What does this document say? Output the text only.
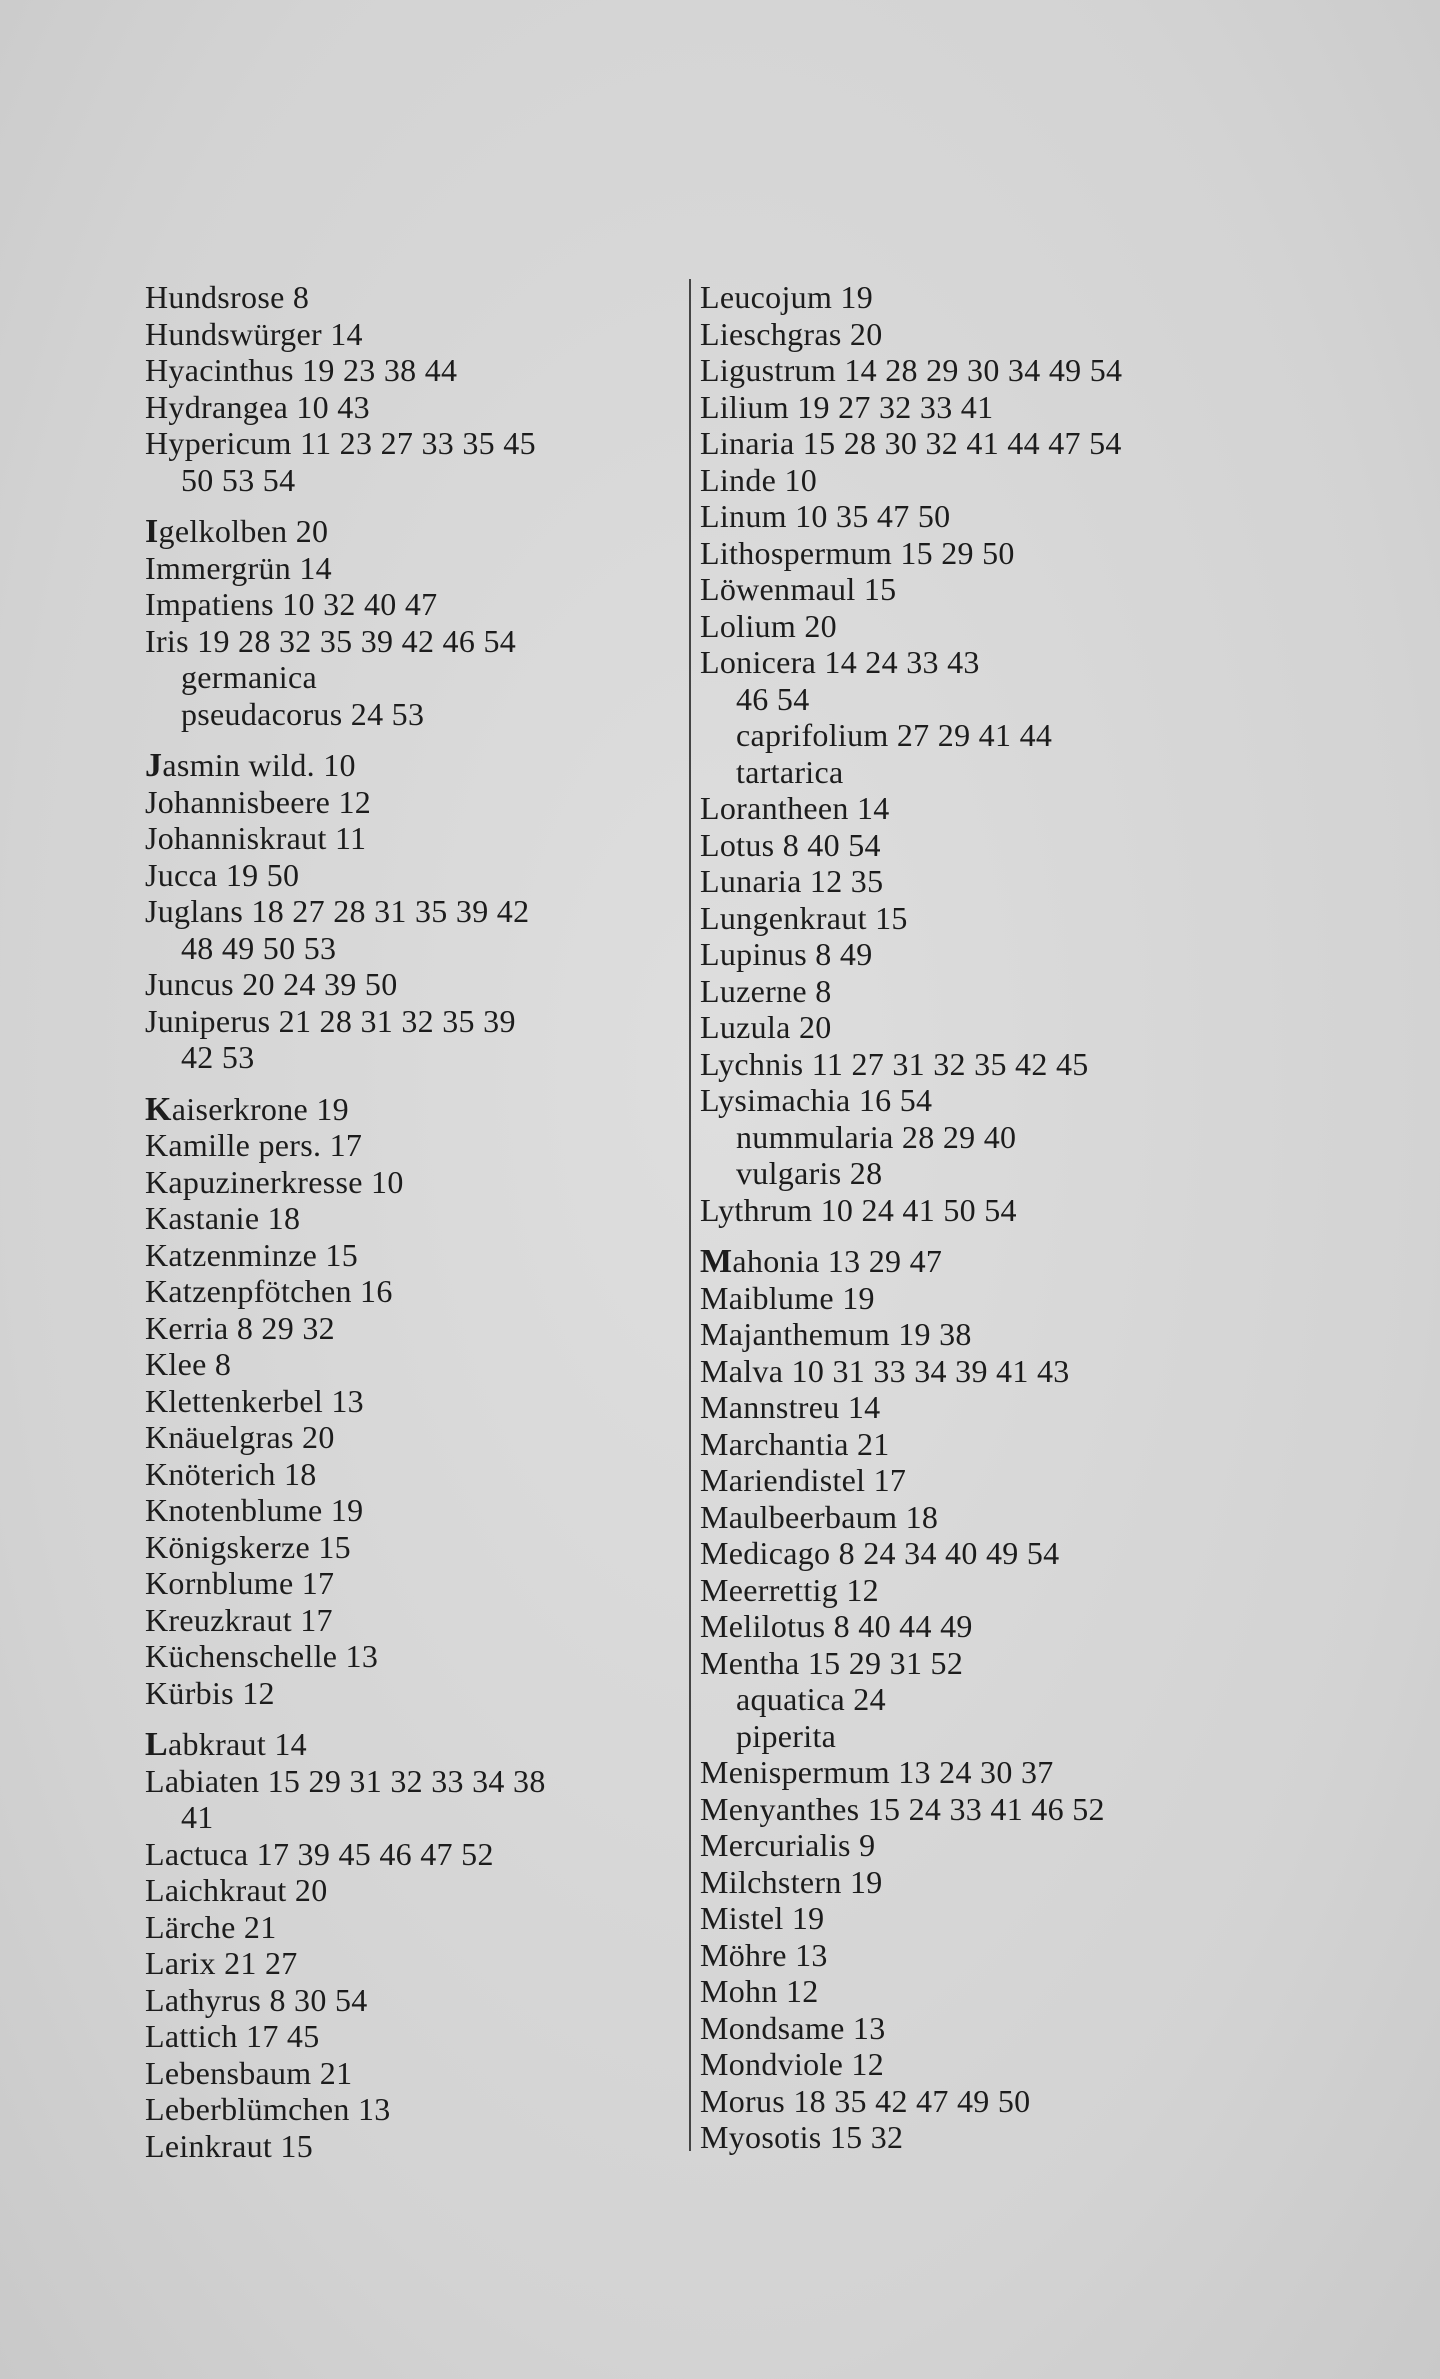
Hundsrose 8
Hundswürger 14
Hyacinthus 19 23 38 44
Hydrangea 10 43
Hypericum 11 23 27 33 35 45
50 53 54
Igelkolben 20
Immergrün 14
Impatiens 10 32 40 47
Iris 19 28 32 35 39 42 46 54
germanica
pseudacorus 24 53
Jasmin wild. 10
Johannisbeere 12
Johanniskraut 11
Jucca 19 50
Juglans 18 27 28 31 35 39 42
48 49 50 53
Juncus 20 24 39 50
Juniperus 21 28 31 32 35 39
42 53
Kaiserkrone 19
Kamille pers. 17
Kapuzinerkresse 10
Kastanie 18
Katzenminze 15
Katzenpfötchen 16
Kerria 8 29 32
Klee 8
Klettenkerbel 13
Knäuelgras 20
Knöterich 18
Knotenblume 19
Königskerze 15
Kornblume 17
Kreuzkraut 17
Küchenschelle 13
Kürbis 12
Labkraut 14
Labiaten 15 29 31 32 33 34 38
41
Lactuca 17 39 45 46 47 52
Laichkraut 20
Lärche 21
Larix 21 27
Lathyrus 8 30 54
Lattich 17 45
Lebensbaum 21
Leberblümchen 13
Leinkraut 15
Leucojum 19
Lieschgras 20
Ligustrum 14 28 29 30 34 49 54
Lilium 19 27 32 33 41
Linaria 15 28 30 32 41 44 47 54
Linde 10
Linum 10 35 47 50
Lithospermum 15 29 50
Löwenmaul 15
Lolium 20
Lonicera 14 24 33 43
46 54
caprifolium 27 29 41 44
tartarica
Lorantheen 14
Lotus 8 40 54
Lunaria 12 35
Lungenkraut 15
Lupinus 8 49
Luzerne 8
Luzula 20
Lychnis 11 27 31 32 35 42 45
Lysimachia 16 54
nummularia 28 29 40
vulgaris 28
Lythrum 10 24 41 50 54
Mahonia 13 29 47
Maiblume 19
Majanthemum 19 38
Malva 10 31 33 34 39 41 43
Mannstreu 14
Marchantia 21
Mariendistel 17
Maulbeerbaum 18
Medicago 8 24 34 40 49 54
Meerrettig 12
Melilotus 8 40 44 49
Mentha 15 29 31 52
aquatica 24
piperita
Menispermum 13 24 30 37
Menyanthes 15 24 33 41 46 52
Mercurialis 9
Milchstern 19
Mistel 19
Möhre 13
Mohn 12
Mondsame 13
Mondviole 12
Morus 18 35 42 47 49 50
Myosotis 15 32
